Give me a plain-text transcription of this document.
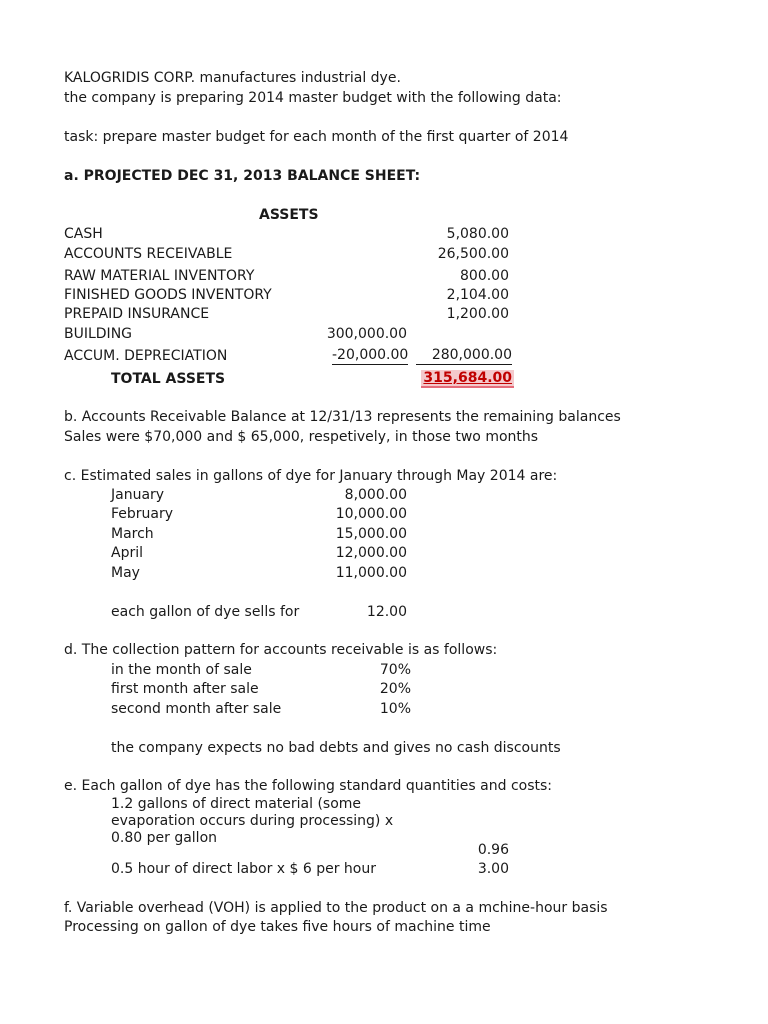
KALOGRIDIS CORP. manufactures industrial dye.
the company is preparing 2014 master budget with the following data:
task: prepare master budget for each month of the first quarter of 2014
a. PROJECTED DEC 31, 2013 BALANCE SHEET:
ASSETS
CASH	5,080.00
ACCOUNTS RECEIVABLE	26,500.00
RAW MATERIAL INVENTORY	800.00
FINISHED GOODS INVENTORY	2,104.00
PREPAID INSURANCE	1,200.00
BUILDING	300,000.00
ACCUM. DEPRECIATION	-20,000.00	280,000.00
TOTAL ASSETS	315,684.00
b. Accounts Receivable Balance at 12/31/13 represents the remaining balances
Sales were $70,000 and $ 65,000, respetively, in those two months
c. Estimated sales in gallons of dye for January through May 2014 are:
January	8,000.00
February	10,000.00
March	15,000.00
April	12,000.00
May	11,000.00
each gallon of dye sells for	12.00
d. The collection pattern for accounts receivable is as follows:
in the month of sale	70%
first month after sale	20%
second month after sale	10%
the company expects no bad debts and gives no cash discounts
e. Each gallon of dye has the following standard quantities and costs:
1.2 gallons of direct material (some
evaporation occurs during processing) x
0.80 per gallon
0.96
0.5 hour of direct labor x $ 6 per hour	3.00
f. Variable overhead (VOH) is applied to the product on a a mchine-hour basis
Processing on gallon of dye takes five hours of machine time
